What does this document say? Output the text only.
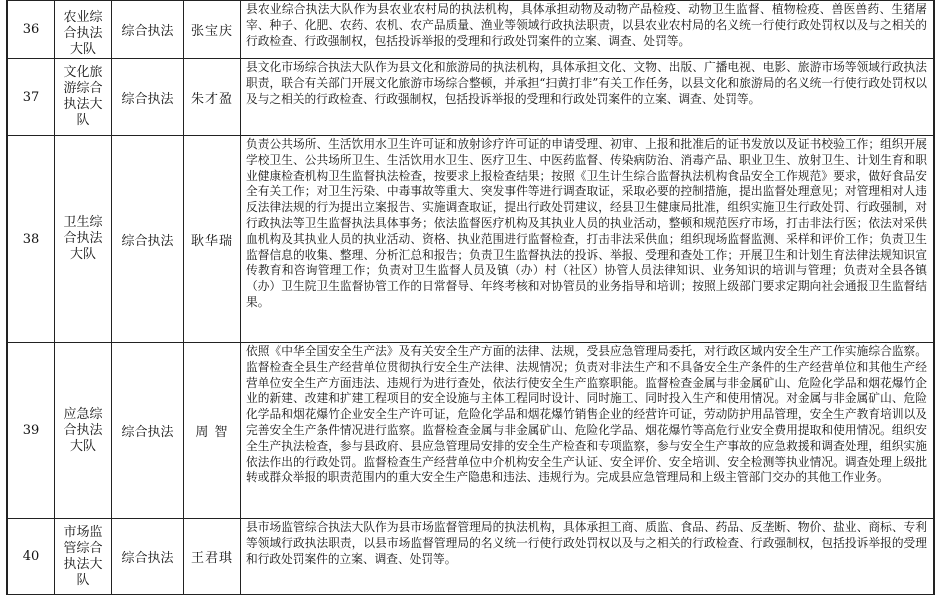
36	农业综合执法大队	综合执法	张宝庆	县农业综合执法大队作为县农业农村局的执法机构，具体承担动物及动物产品检疫、动物卫生监督、植物检疫、兽医兽药、生猪屠宰、种子、化肥、农药、农机、农产品质量、渔业等领域行政执法职责，以县农业农村局的名义统一行使行政处罚权以及与之相关的行政检查、行政强制权，包括投诉举报的受理和行政处罚案件的立案、调查、处罚等。

37	文化旅游综合执法大队	综合执法	朱才盈	县文化市场综合执法大队作为县文化和旅游局的执法机构，具体承担文化、文物、出版、广播电视、电影、旅游市场等领域行政执法职责，联合有关部门开展文化旅游市场综合整顿，并承担“扫黄打非”有关工作任务，以县文化和旅游局的名义统一行使行政处罚权以及与之相关的行政检查、行政强制权，包括投诉举报的受理和行政处罚案件的立案、调查、处罚等。

38	卫生综合执法大队	综合执法	耿华瑞	负责公共场所、生活饮用水卫生许可证和放射诊疗许可证的申请受理、初审、上报和批准后的证书发放以及证书校验工作；组织开展学校卫生、公共场所卫生、生活饮用水卫生、医疗卫生、中医药监督、传染病防治、消毒产品、职业卫生、放射卫生、计划生育和职业健康检查机构卫生监督执法检查，按要求上报检查结果；按照《卫生计生综合监督执法机构食品安全工作规范》要求，做好食品安全有关工作；对卫生污染、中毒事故等重大、突发事件等进行调查取证，采取必要的控制措施，提出监督处理意见；对管理相对人违反法律法规的行为提出立案报告、实施调查取证，提出行政处罚建议，经县卫生健康局批准，组织实施卫生行政处罚、行政强制，对行政执法等卫生监督执法具体事务；依法监督医疗机构及其执业人员的执业活动，整顿和规范医疗市场，打击非法行医；依法对采供血机构及其执业人员的执业活动、资格、执业范围进行监督检查，打击非法采供血；组织现场监督监测、采样和评价工作；负责卫生监督信息的收集、整理、分析汇总和报告；负责卫生监督执法的投诉、举报、受理和查处工作；开展卫生和计划生育法律法规知识宣传教育和咨询管理工作；负责对卫生监督人员及镇（办）村（社区）协管人员法律知识、业务知识的培训与管理；负责对全县各镇（办）卫生院卫生监督协管工作的日常督导、年终考核和对协管员的业务指导和培训；按照上级部门要求定期向社会通报卫生监督结果。

39	应急综合执法大队	综合执法	周 智	依照《中华全国安全生产法》及有关安全生产方面的法律、法规，受县应急管理局委托，对行政区域内安全生产工作实施综合监察。监督检查全县生产经营单位贯彻执行安全生产法律、法规情况；负责对非法生产和不具备安全生产条件的生产经营单位和其他生产经营单位安全生产方面违法、违规行为进行查处，依法行使安全生产监察职能。监督检查金属与非金属矿山、危险化学品和烟花爆竹企业的新建、改建和扩建工程项目的安全设施与主体工程同时设计、同时施工、同时投入生产和使用情况。对金属与非金属矿山、危险化学品和烟花爆竹企业安全生产许可证，危险化学品和烟花爆竹销售企业的经营许可证，劳动防护用品管理，安全生产教育培训以及完善安全生产条件情况进行监察。监督检查金属与非金属矿山、危险化学品、烟花爆竹等高危行业安全费用提取和使用情况。组织安全生产执法检查，参与县政府、县应急管理局安排的安全生产检查和专项监察，参与安全生产事故的应急救援和调查处理，组织实施依法作出的行政处罚。监督检查生产经营单位中介机构安全生产认证、安全评价、安全培训、安全检测等执业情况。调查处理上级批转或群众举报的职责范围内的重大安全生产隐患和违法、违规行为。完成县应急管理局和上级主管部门交办的其他工作业务。

40	市场监管综合执法大队	综合执法	王君琪	县市场监管综合执法大队作为县市场监督管理局的执法机构，具体承担工商、质监、食品、药品、反垄断、物价、盐业、商标、专利等领域行政执法职责，以县市场监督管理局的名义统一行使行政处罚权以及与之相关的行政检查、行政强制权，包括投诉举报的受理和行政处罚案件的立案、调查、处罚等。
